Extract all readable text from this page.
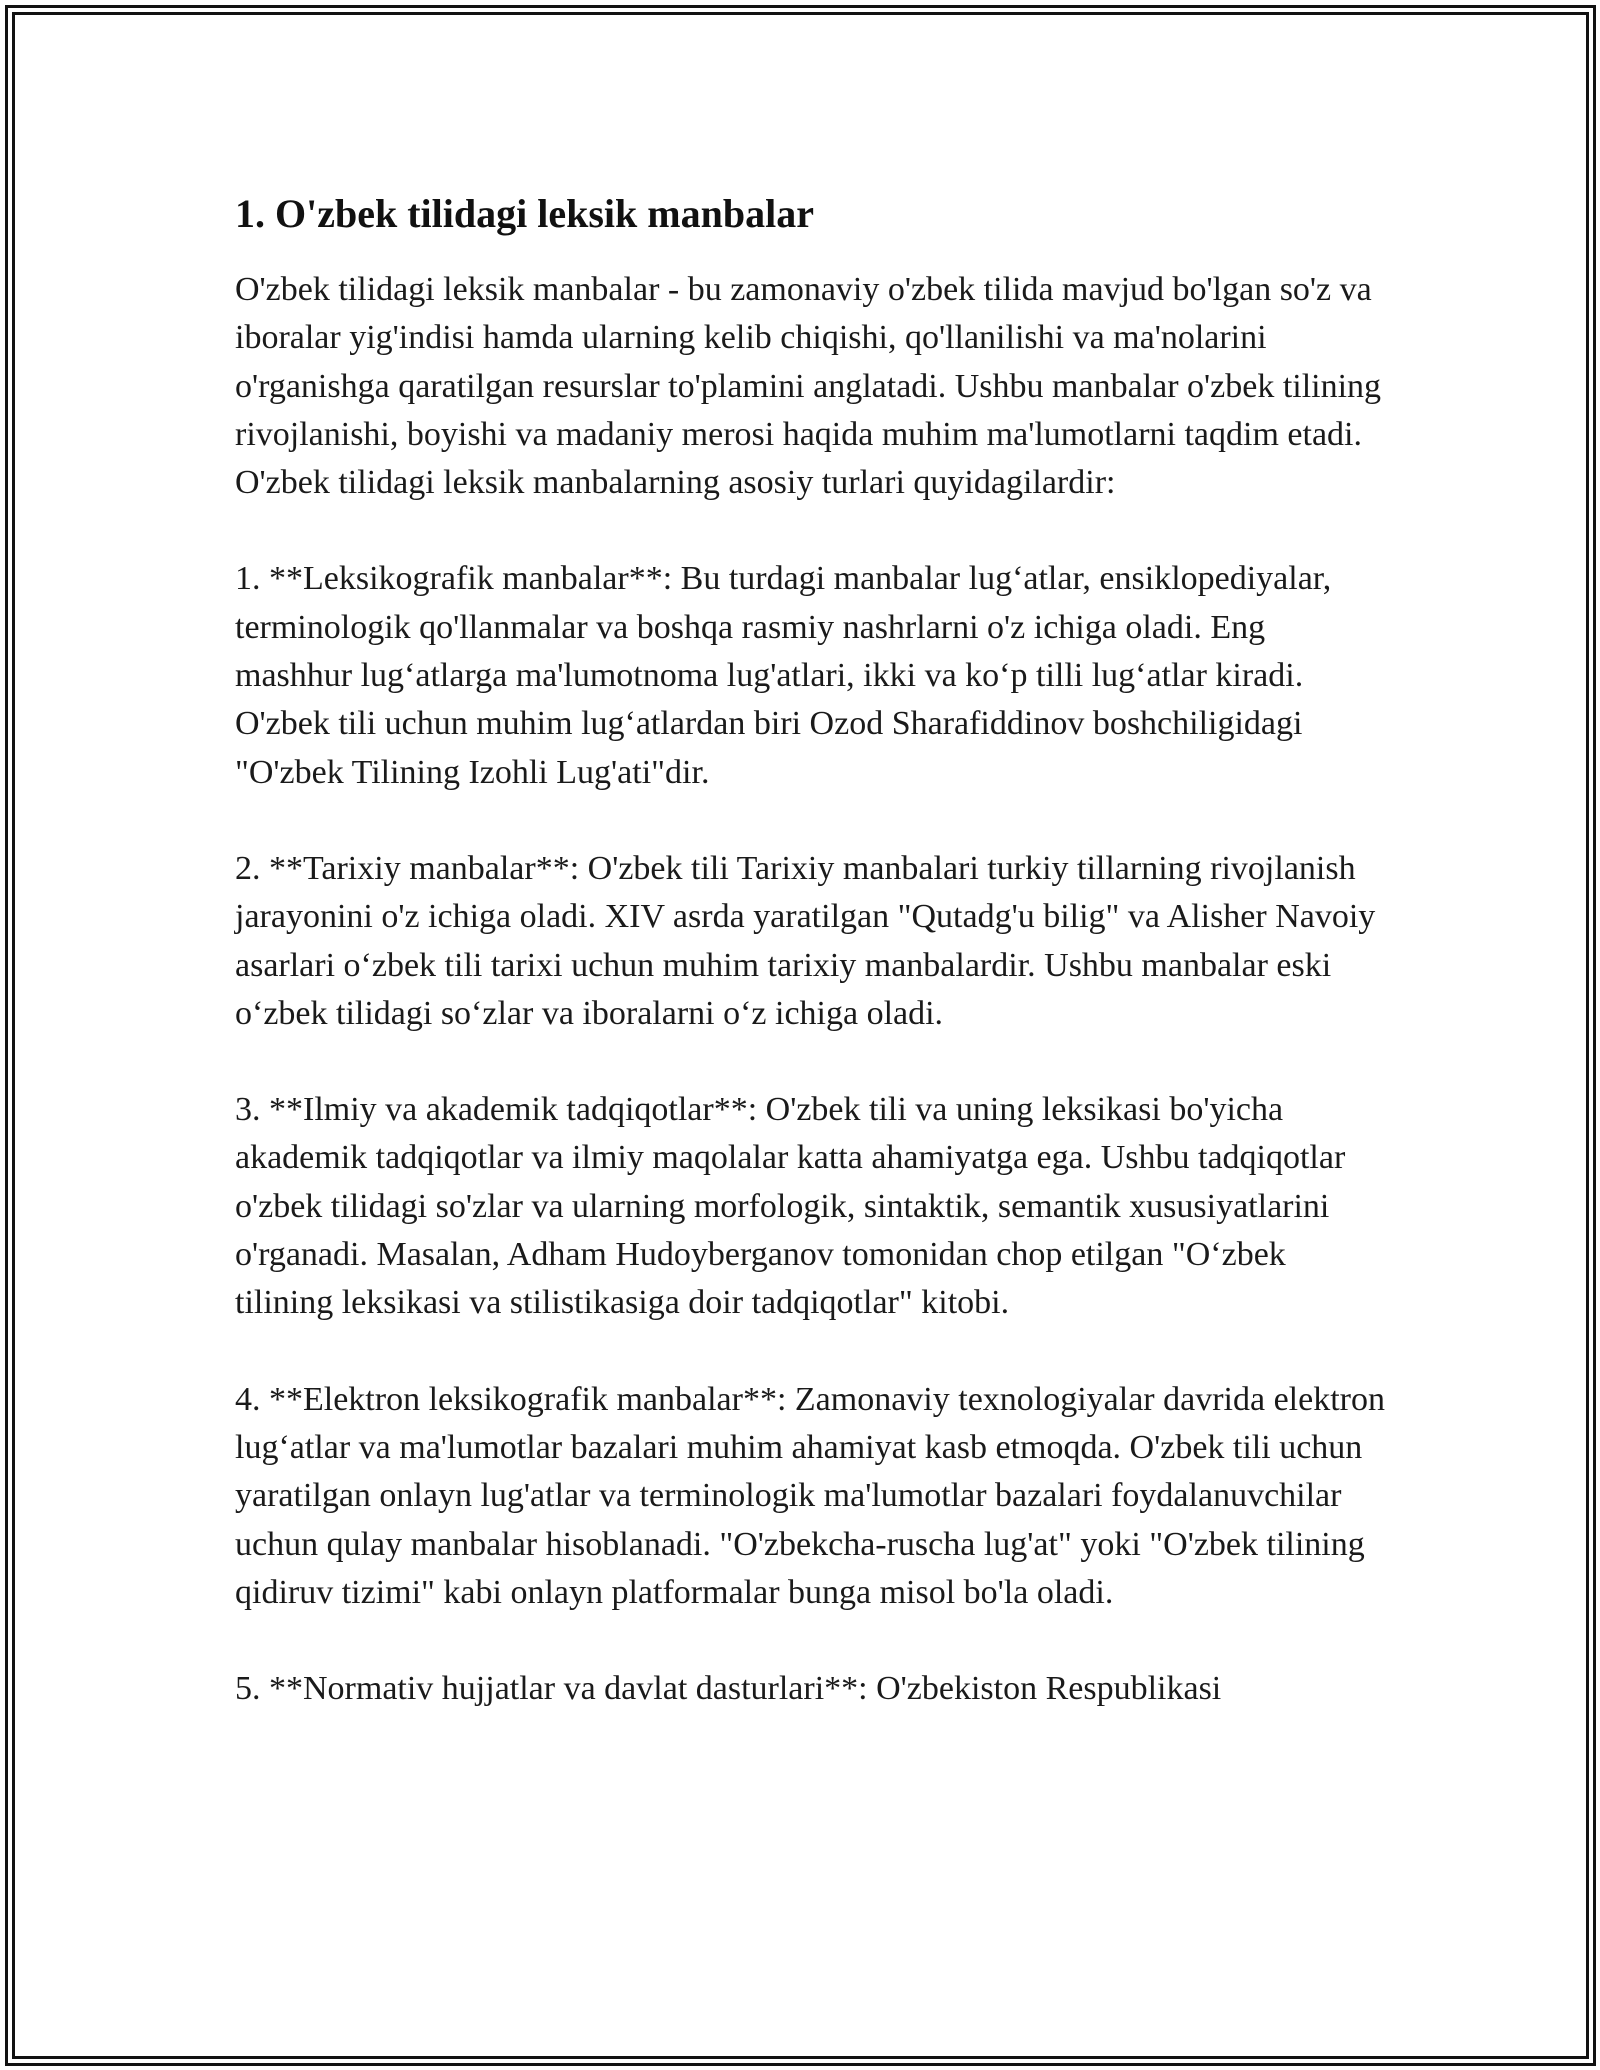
1. O'zbek tilidagi leksik manbalar

O'zbek tilidagi leksik manbalar - bu zamonaviy o'zbek tilida mavjud bo'lgan so'z va iboralar yig'indisi hamda ularning kelib chiqishi, qo'llanilishi va ma'nolarini o'rganishga qaratilgan resurslar to'plamini anglatadi. Ushbu manbalar o'zbek tilining rivojlanishi, boyishi va madaniy merosi haqida muhim ma'lumotlarni taqdim etadi. O'zbek tilidagi leksik manbalarning asosiy turlari quyidagilardir:

1. **Leksikografik manbalar**: Bu turdagi manbalar lug‘atlar, ensiklopediyalar, terminologik qo'llanmalar va boshqa rasmiy nashrlarni o'z ichiga oladi. Eng mashhur lug‘atlarga ma'lumotnoma lug'atlari, ikki va ko‘p tilli lug‘atlar kiradi. O'zbek tili uchun muhim lug‘atlardan biri Ozod Sharafiddinov boshchiligidagi "O'zbek Tilining Izohli Lug'ati"dir.

2. **Tarixiy manbalar**: O'zbek tili Tarixiy manbalari turkiy tillarning rivojlanish jarayonini o'z ichiga oladi. XIV asrda yaratilgan "Qutadg'u bilig" va Alisher Navoiy asarlari o‘zbek tili tarixi uchun muhim tarixiy manbalardir. Ushbu manbalar eski o‘zbek tilidagi so‘zlar va iboralarni o‘z ichiga oladi.

3. **Ilmiy va akademik tadqiqotlar**: O'zbek tili va uning leksikasi bo'yicha akademik tadqiqotlar va ilmiy maqolalar katta ahamiyatga ega. Ushbu tadqiqotlar o'zbek tilidagi so'zlar va ularning morfologik, sintaktik, semantik xususiyatlarini o'rganadi. Masalan, Adham Hudoyberganov tomonidan chop etilgan "O‘zbek tilining leksikasi va stilistikasiga doir tadqiqotlar" kitobi.

4. **Elektron leksikografik manbalar**: Zamonaviy texnologiyalar davrida elektron lug‘atlar va ma'lumotlar bazalari muhim ahamiyat kasb etmoqda. O'zbek tili uchun yaratilgan onlayn lug'atlar va terminologik ma'lumotlar bazalari foydalanuvchilar uchun qulay manbalar hisoblanadi. "O'zbekcha-ruscha lug'at" yoki "O'zbek tilining qidiruv tizimi" kabi onlayn platformalar bunga misol bo'la oladi.

5. **Normativ hujjatlar va davlat dasturlari**: O'zbekiston Respublikasi
